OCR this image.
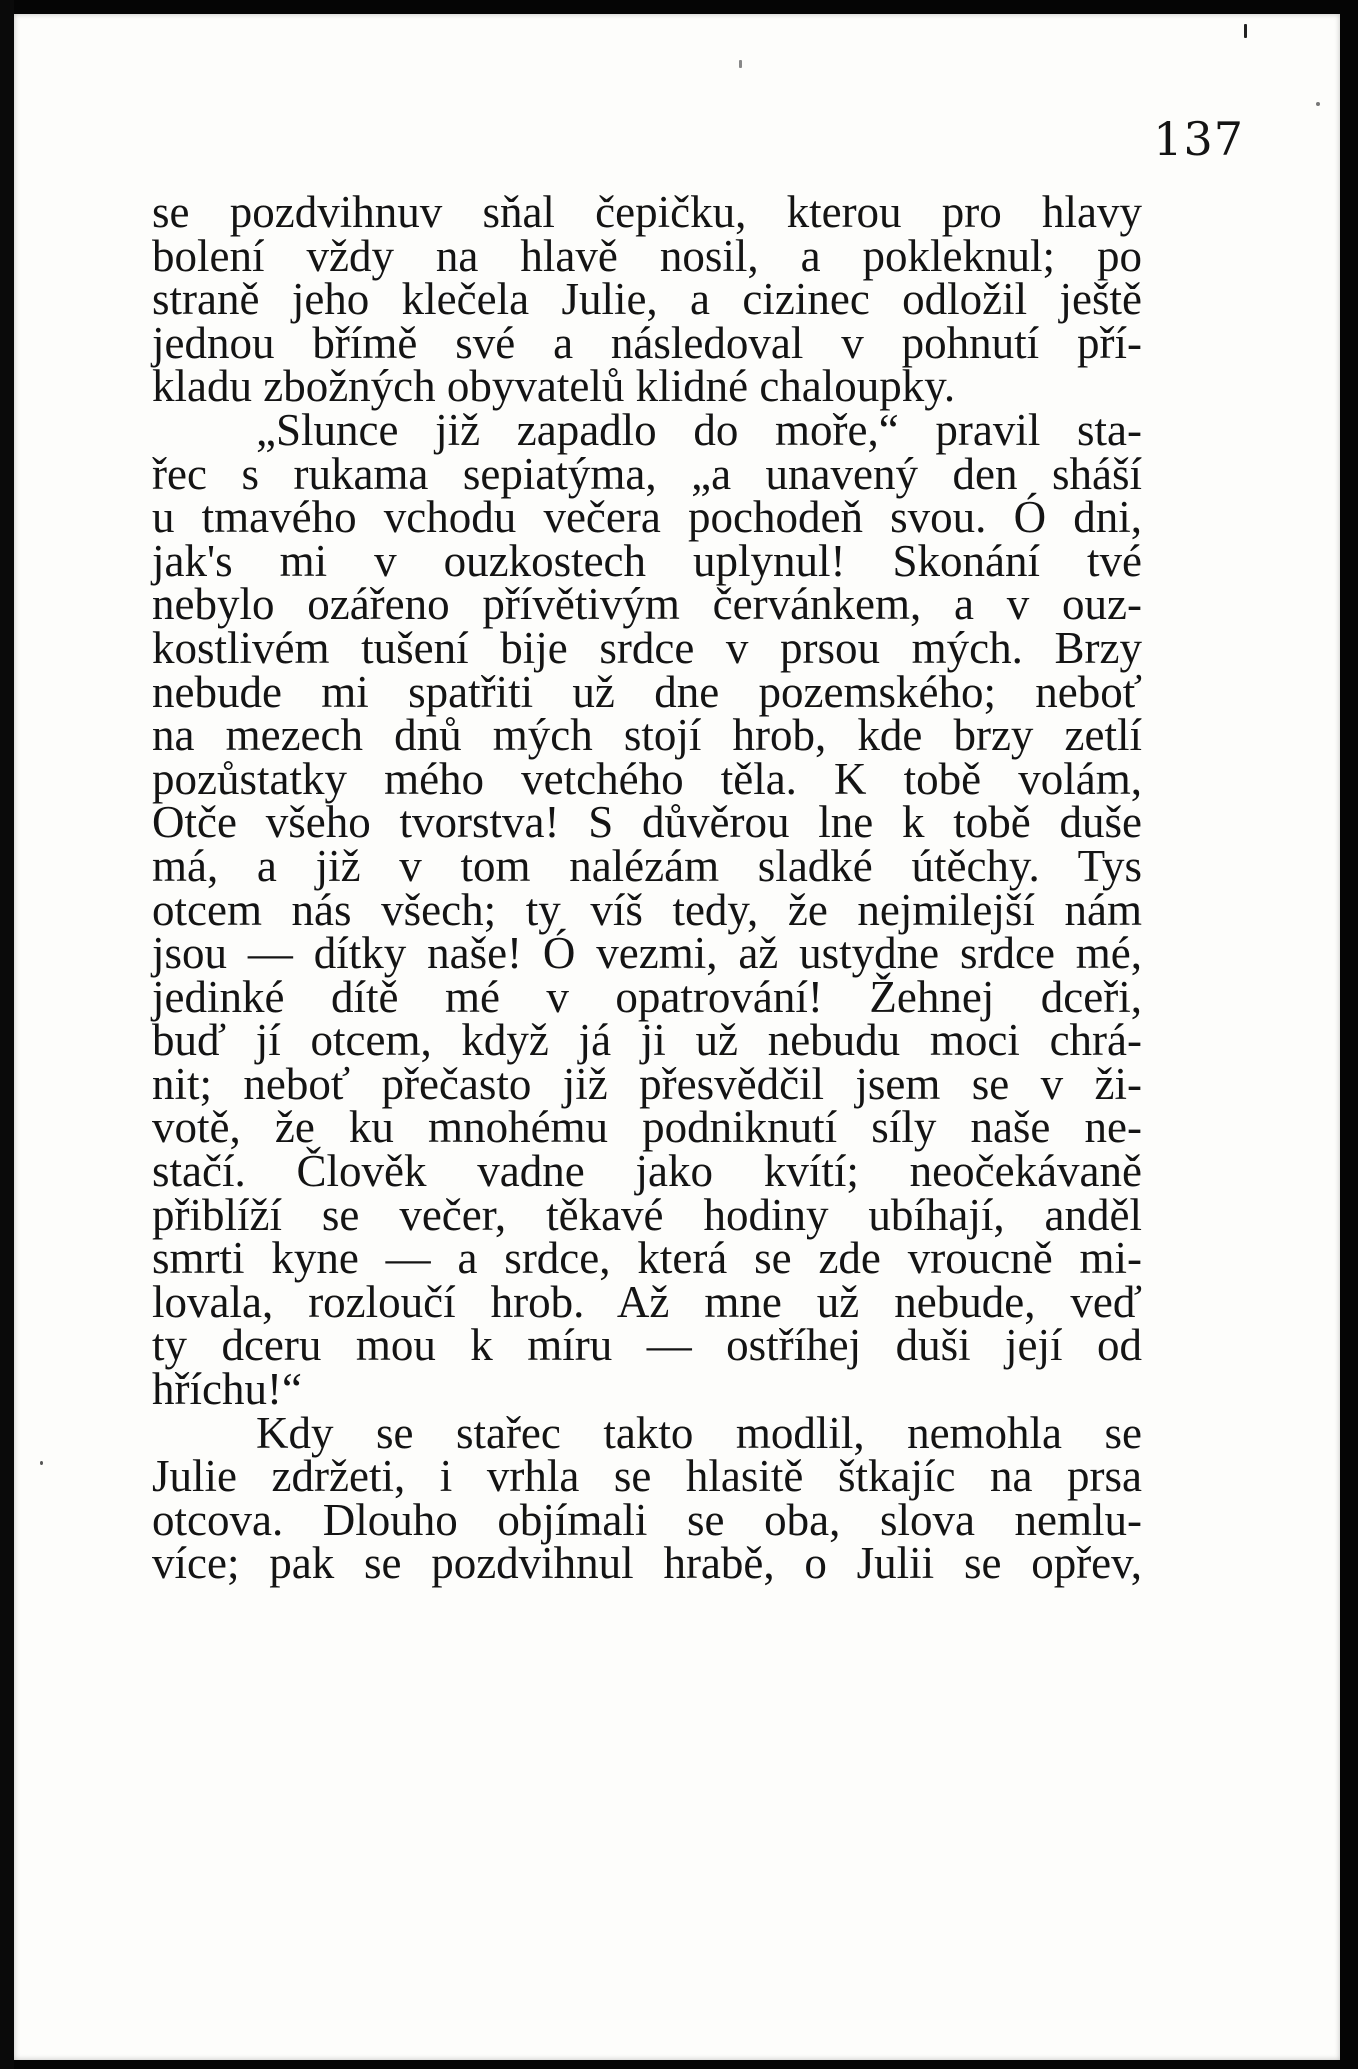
137
se pozdvihnuv sňal čepičku, kterou pro hlavy
bolení vždy na hlavě nosil, a pokleknul; po
straně jeho klečela Julie, a cizinec odložil ještě
jednou břímě své a následoval v pohnutí pří-
kladu zbožných obyvatelů klidné chaloupky.
„Slunce již zapadlo do moře,“ pravil sta-
řec s rukama sepiatýma, „a unavený den sháší
u tmavého vchodu večera pochodeň svou. Ó dni,
jak's mi v ouzkostech uplynul! Skonání tvé
nebylo ozářeno přívětivým červánkem, a v ouz-
kostlivém tušení bije srdce v prsou mých. Brzy
nebude mi spatřiti už dne pozemského; neboť
na mezech dnů mých stojí hrob, kde brzy zetlí
pozůstatky mého vetchého těla. K tobě volám,
Otče všeho tvorstva! S důvěrou lne k tobě duše
má, a již v tom nalézám sladké útěchy. Tys
otcem nás všech; ty víš tedy, že nejmilejší nám
jsou — dítky naše! Ó vezmi, až ustydne srdce mé,
jedinké dítě mé v opatrování! Žehnej dceři,
buď jí otcem, když já ji už nebudu moci chrá-
nit; neboť přečasto již přesvědčil jsem se v ži-
votě, že ku mnohému podniknutí síly naše ne-
stačí. Člověk vadne jako kvítí; neočekávaně
přiblíží se večer, těkavé hodiny ubíhají, anděl
smrti kyne — a srdce, která se zde vroucně mi-
lovala, rozloučí hrob. Až mne už nebude, veď
ty dceru mou k míru — ostříhej duši její od
hříchu!“
Kdy se stařec takto modlil, nemohla se
Julie zdržeti, i vrhla se hlasitě štkajíc na prsa
otcova. Dlouho objímali se oba, slova nemlu-
více; pak se pozdvihnul hrabě, o Julii se opřev,
